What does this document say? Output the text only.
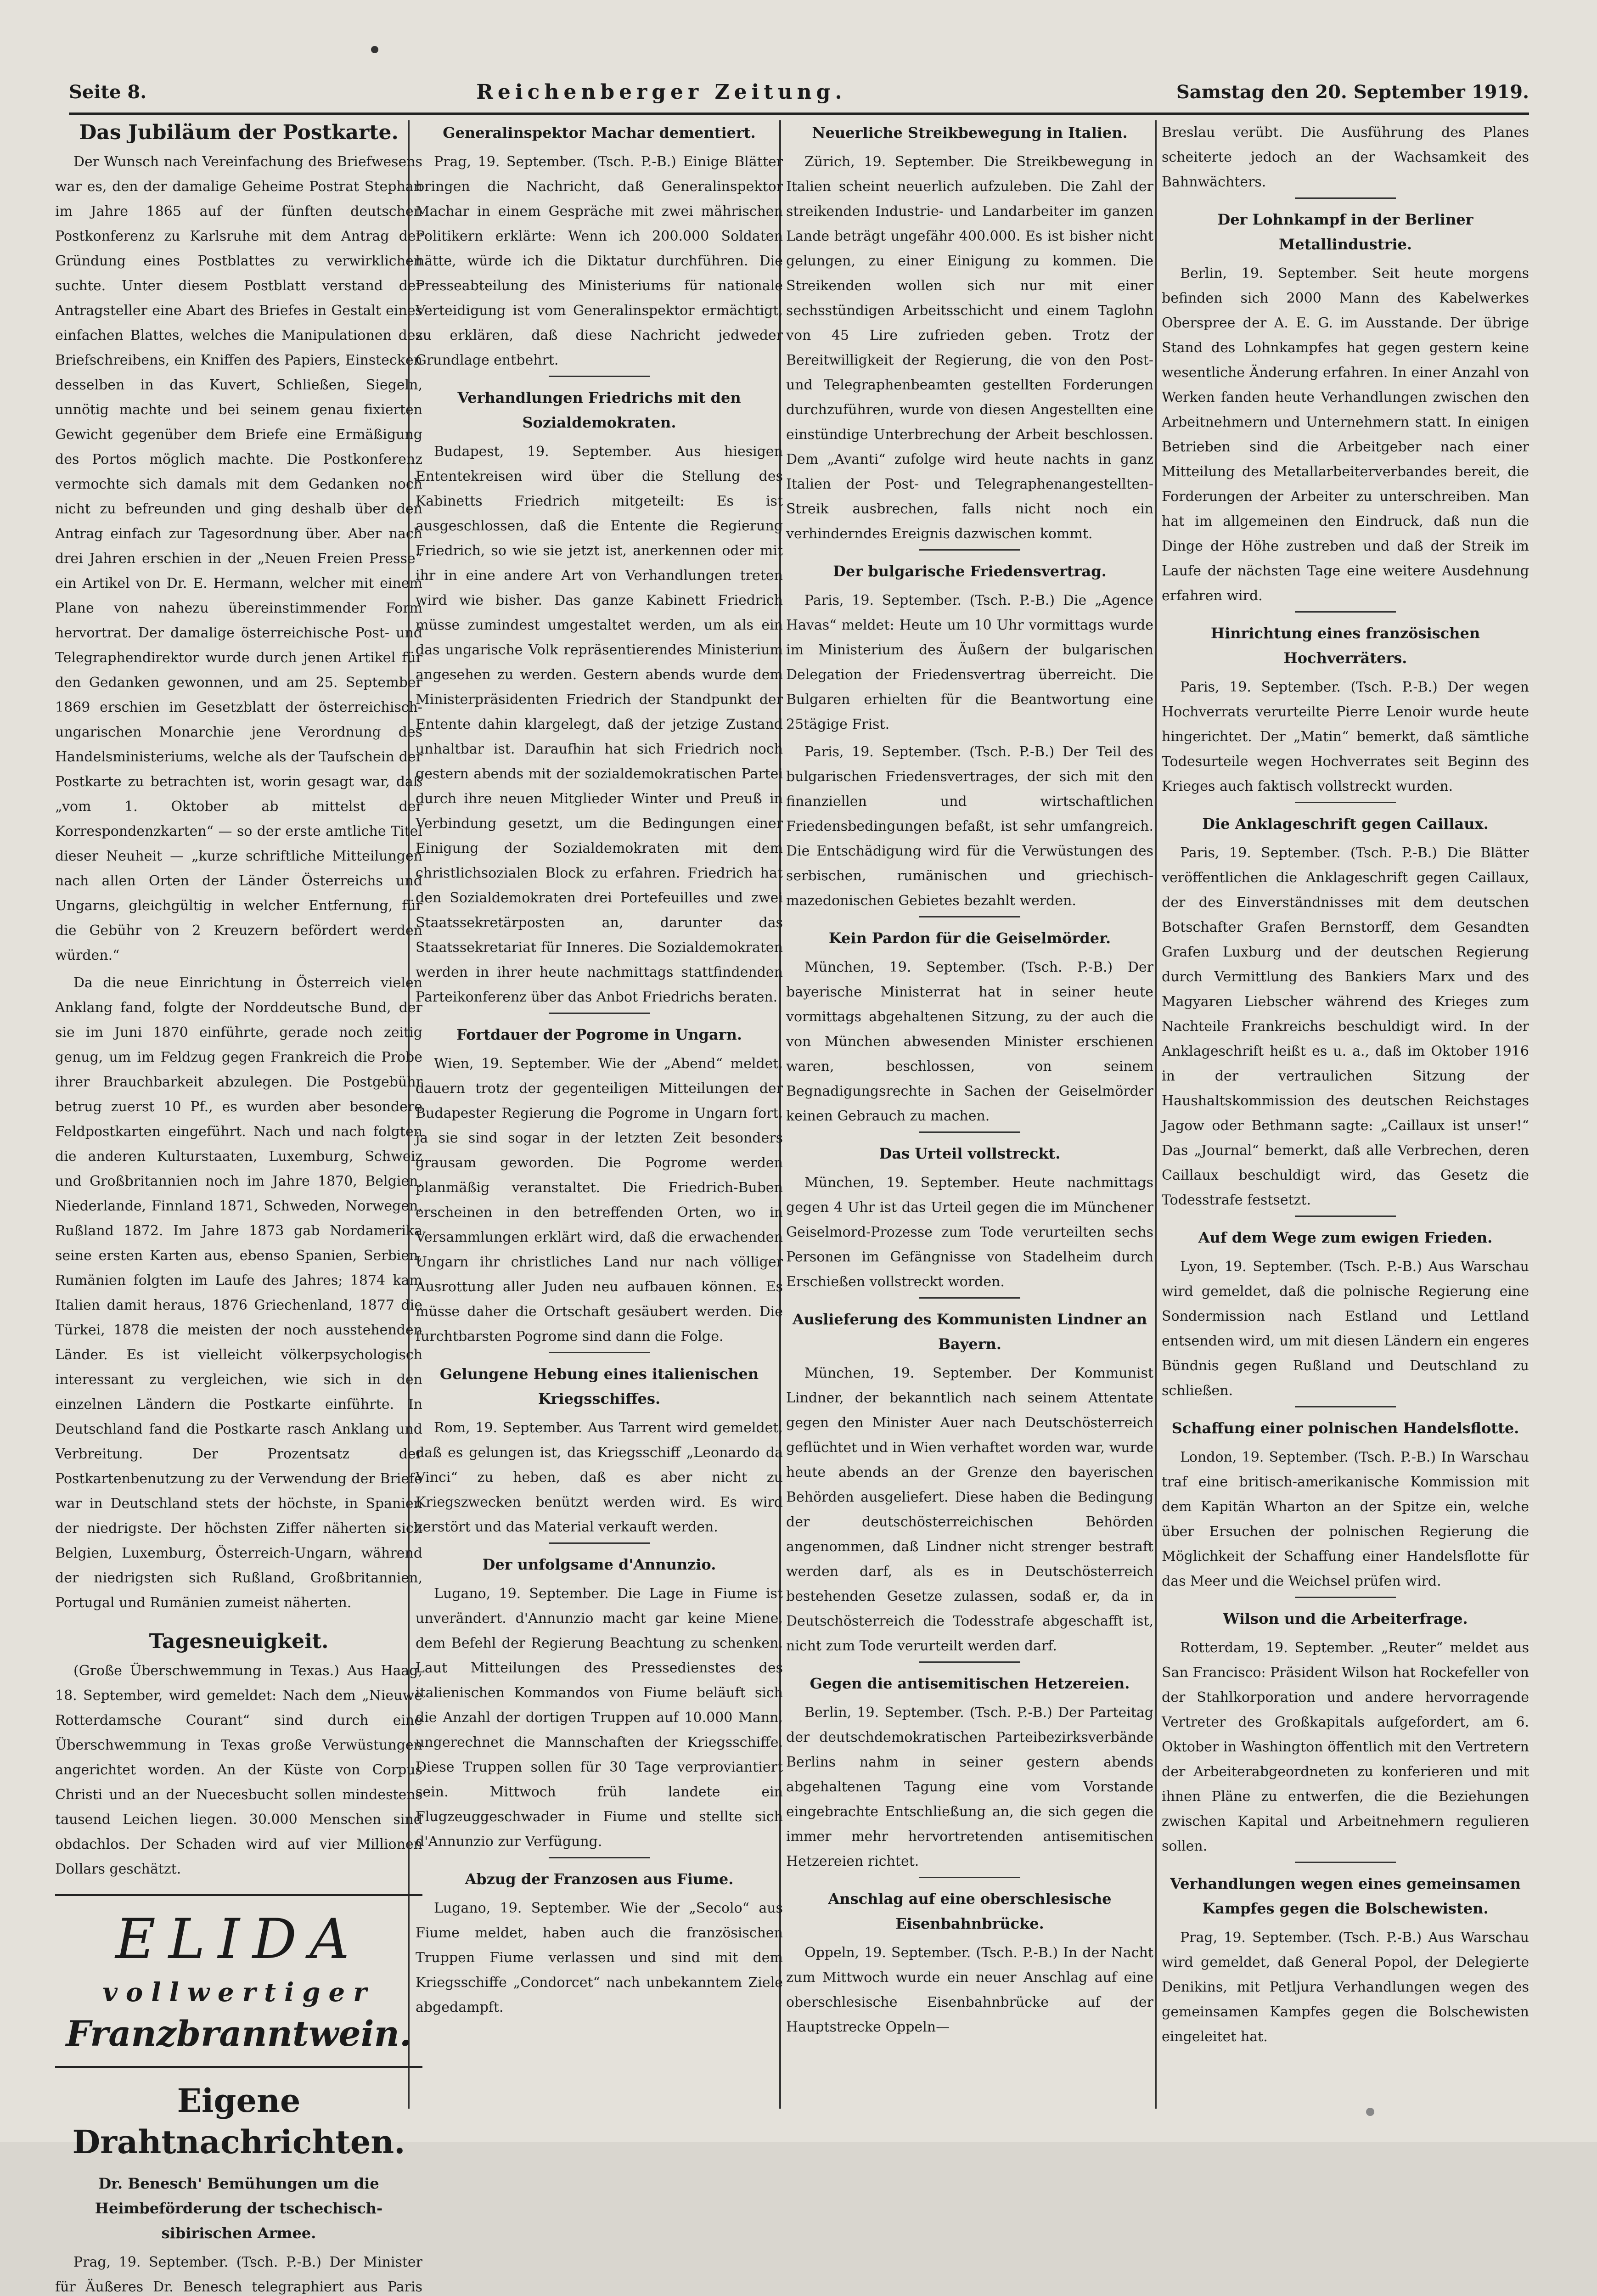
Seite 8.	Reichenberger Zeitung.	Samstag den 20. September 1919.
Das Jubiläum der Postkarte.

Der Wunsch nach Vereinfachung des Briefwesens war es, den der damalige Geheime Postrat Stephan im Jahre 1865 auf der fünften deutschen Postkonferenz zu Karlsruhe mit dem Antrag der Gründung eines Postblattes zu verwirklichen suchte. Unter diesem Postblatt verstand der Antragsteller eine Abart des Briefes in Gestalt eines einfachen Blattes, welches die Manipulationen des Briefschreibens, ein Kniffen des Papiers, Einstecken desselben in das Kuvert, Schließen, Siegeln, unnötig machte und bei seinem genau fixierten Gewicht gegenüber dem Briefe eine Ermäßigung des Portos möglich machte. Die Postkonferenz vermochte sich damals mit dem Gedanken noch nicht zu befreunden und ging deshalb über den Antrag einfach zur Tagesordnung über. Aber nach drei Jahren erschien in der „Neuen Freien Presse“ ein Artikel von Dr. E. Hermann, welcher mit einem Plane von nahezu übereinstimmender Form hervortrat. Der damalige österreichische Post- und Telegraphendirektor wurde durch jenen Artikel für den Gedanken gewonnen, und am 25. September 1869 erschien im Gesetzblatt der österreichisch-ungarischen Monarchie jene Verordnung des Handelsministeriums, welche als der Taufschein der Postkarte zu betrachten ist, worin gesagt war, daß „vom 1. Oktober ab mittelst der Korrespondenzkarten“ — so der erste amtliche Titel dieser Neuheit — „kurze schriftliche Mitteilungen nach allen Orten der Länder Österreichs und Ungarns, gleichgültig in welcher Entfernung, für die Gebühr von 2 Kreuzern befördert werden würden.“

Da die neue Einrichtung in Österreich vielen Anklang fand, folgte der Norddeutsche Bund, der sie im Juni 1870 einführte, gerade noch zeitig genug, um im Feldzug gegen Frankreich die Probe ihrer Brauchbarkeit abzulegen. Die Postgebühr betrug zuerst 10 Pf., es wurden aber besondere Feldpostkarten eingeführt. Nach und nach folgten die anderen Kulturstaaten, Luxemburg, Schweiz und Großbritannien noch im Jahre 1870, Belgien, Niederlande, Finnland 1871, Schweden, Norwegen, Rußland 1872. Im Jahre 1873 gab Nordamerika seine ersten Karten aus, ebenso Spanien, Serbien, Rumänien folgten im Laufe des Jahres; 1874 kam Italien damit heraus, 1876 Griechenland, 1877 die Türkei, 1878 die meisten der noch ausstehenden Länder. Es ist vielleicht völkerpsychologisch interessant zu vergleichen, wie sich in den einzelnen Ländern die Postkarte einführte. In Deutschland fand die Postkarte rasch Anklang und Verbreitung. Der Prozentsatz der Postkartenbenutzung zu der Verwendung der Briefe war in Deutschland stets der höchste, in Spanien der niedrigste. Der höchsten Ziffer näherten sich Belgien, Luxemburg, Österreich-Ungarn, während der niedrigsten sich Rußland, Großbritannien, Portugal und Rumänien zumeist näherten.

Tagesneuigkeit.

(Große Überschwemmung in Texas.) Aus Haag, 18. September, wird gemeldet: Nach dem „Nieuwe Rotterdamsche Courant“ sind durch eine Überschwemmung in Texas große Verwüstungen angerichtet worden. An der Küste von Corpus Christi und an der Nuecesbucht sollen mindestens tausend Leichen liegen. 30.000 Menschen sind obdachlos. Der Schaden wird auf vier Millionen Dollars geschätzt.

ELIDA
vollwertiger
Franzbranntwein.
Eigene Drahtnachrichten.
Dr. Benesch' Bemühungen um die Heimbeförderung der tschechisch-sibirischen Armee.

Prag, 19. September. (Tsch. P.-B.) Der Minister für Äußeres Dr. Benesch telegraphiert aus Paris

Generalinspektor Machar dementiert.

Prag, 19. September. (Tsch. P.-B.) Einige Blätter bringen die Nachricht, daß Generalinspektor Machar in einem Gespräche mit zwei mährischen Politikern erklärte: Wenn ich 200.000 Soldaten hätte, würde ich die Diktatur durchführen. Die Presseabteilung des Ministeriums für nationale Verteidigung ist vom Generalinspektor ermächtigt, zu erklären, daß diese Nachricht jedweder Grundlage entbehrt.

Verhandlungen Friedrichs mit den Sozialdemokraten.

Budapest, 19. September. Aus hiesigen Ententekreisen wird über die Stellung des Kabinetts Friedrich mitgeteilt: Es ist ausgeschlossen, daß die Entente die Regierung Friedrich, so wie sie jetzt ist, anerkennen oder mit ihr in eine andere Art von Verhandlungen treten wird wie bisher. Das ganze Kabinett Friedrich müsse zumindest umgestaltet werden, um als ein das ungarische Volk repräsentierendes Ministerium angesehen zu werden. Gestern abends wurde dem Ministerpräsidenten Friedrich der Standpunkt der Entente dahin klargelegt, daß der jetzige Zustand unhaltbar ist. Daraufhin hat sich Friedrich noch gestern abends mit der sozialdemokratischen Partei durch ihre neuen Mitglieder Winter und Preuß in Verbindung gesetzt, um die Bedingungen einer Einigung der Sozialdemokraten mit dem christlichsozialen Block zu erfahren. Friedrich hat den Sozialdemokraten drei Portefeuilles und zwei Staatssekretärposten an, darunter das Staatssekretariat für Inneres. Die Sozialdemokraten werden in ihrer heute nachmittags stattfindenden Parteikonferenz über das Anbot Friedrichs beraten.

Fortdauer der Pogrome in Ungarn.

Wien, 19. September. Wie der „Abend“ meldet, dauern trotz der gegenteiligen Mitteilungen der Budapester Regierung die Pogrome in Ungarn fort, ja sie sind sogar in der letzten Zeit besonders grausam geworden. Die Pogrome werden planmäßig veranstaltet. Die Friedrich-Buben erscheinen in den betreffenden Orten, wo in Versammlungen erklärt wird, daß die erwachenden Ungarn ihr christliches Land nur nach völliger Ausrottung aller Juden neu aufbauen können. Es müsse daher die Ortschaft gesäubert werden. Die furchtbarsten Pogrome sind dann die Folge.

Gelungene Hebung eines italienischen Kriegsschiffes.

Rom, 19. September. Aus Tarrent wird gemeldet, daß es gelungen ist, das Kriegsschiff „Leonardo da Vinci“ zu heben, daß es aber nicht zu Kriegszwecken benützt werden wird. Es wird zerstört und das Material verkauft werden.

Der unfolgsame d'Annunzio.

Lugano, 19. September. Die Lage in Fiume ist unverändert. d'Annunzio macht gar keine Miene, dem Befehl der Regierung Beachtung zu schenken. Laut Mitteilungen des Pressedienstes des italienischen Kommandos von Fiume beläuft sich die Anzahl der dortigen Truppen auf 10.000 Mann, ungerechnet die Mannschaften der Kriegsschiffe. Diese Truppen sollen für 30 Tage verproviantiert sein. Mittwoch früh landete ein Flugzeuggeschwader in Fiume und stellte sich d'Annunzio zur Verfügung.

Abzug der Franzosen aus Fiume.

Lugano, 19. September. Wie der „Secolo“ aus Fiume meldet, haben auch die französischen Truppen Fiume verlassen und sind mit dem Kriegsschiffe „Condorcet“ nach unbekanntem Ziele abgedampft.

Neuerliche Streikbewegung in Italien.

Zürich, 19. September. Die Streikbewegung in Italien scheint neuerlich aufzuleben. Die Zahl der streikenden Industrie- und Landarbeiter im ganzen Lande beträgt ungefähr 400.000. Es ist bisher nicht gelungen, zu einer Einigung zu kommen. Die Streikenden wollen sich nur mit einer sechsstündigen Arbeitsschicht und einem Taglohn von 45 Lire zufrieden geben. Trotz der Bereitwilligkeit der Regierung, die von den Post- und Telegraphenbeamten gestellten Forderungen durchzuführen, wurde von diesen Angestellten eine einstündige Unterbrechung der Arbeit beschlossen. Dem „Avanti“ zufolge wird heute nachts in ganz Italien der Post- und Telegraphenangestellten-Streik ausbrechen, falls nicht noch ein verhinderndes Ereignis dazwischen kommt.

Der bulgarische Friedensvertrag.

Paris, 19. September. (Tsch. P.-B.) Die „Agence Havas“ meldet: Heute um 10 Uhr vormittags wurde im Ministerium des Äußern der bulgarischen Delegation der Friedensvertrag überreicht. Die Bulgaren erhielten für die Beantwortung eine 25tägige Frist.

Paris, 19. September. (Tsch. P.-B.) Der Teil des bulgarischen Friedensvertrages, der sich mit den finanziellen und wirtschaftlichen Friedensbedingungen befaßt, ist sehr umfangreich. Die Entschädigung wird für die Verwüstungen des serbischen, rumänischen und griechisch-mazedonischen Gebietes bezahlt werden.

Kein Pardon für die Geiselmörder.

München, 19. September. (Tsch. P.-B.) Der bayerische Ministerrat hat in seiner heute vormittags abgehaltenen Sitzung, zu der auch die von München abwesenden Minister erschienen waren, beschlossen, von seinem Begnadigungsrechte in Sachen der Geiselmörder keinen Gebrauch zu machen.

Das Urteil vollstreckt.

München, 19. September. Heute nachmittags gegen 4 Uhr ist das Urteil gegen die im Münchener Geiselmord-Prozesse zum Tode verurteilten sechs Personen im Gefängnisse von Stadelheim durch Erschießen vollstreckt worden.

Auslieferung des Kommunisten Lindner an Bayern.

München, 19. September. Der Kommunist Lindner, der bekanntlich nach seinem Attentate gegen den Minister Auer nach Deutschösterreich geflüchtet und in Wien verhaftet worden war, wurde heute abends an der Grenze den bayerischen Behörden ausgeliefert. Diese haben die Bedingung der deutschösterreichischen Behörden angenommen, daß Lindner nicht strenger bestraft werden darf, als es in Deutschösterreich bestehenden Gesetze zulassen, sodaß er, da in Deutschösterreich die Todesstrafe abgeschafft ist, nicht zum Tode verurteilt werden darf.

Gegen die antisemitischen Hetzereien.

Berlin, 19. September. (Tsch. P.-B.) Der Parteitag der deutschdemokratischen Parteibezirksverbände Berlins nahm in seiner gestern abends abgehaltenen Tagung eine vom Vorstande eingebrachte Entschließung an, die sich gegen die immer mehr hervortretenden antisemitischen Hetzereien richtet.

Anschlag auf eine oberschlesische Eisenbahnbrücke.

Oppeln, 19. September. (Tsch. P.-B.) In der Nacht zum Mittwoch wurde ein neuer Anschlag auf eine oberschlesische Eisenbahnbrücke auf der Hauptstrecke Oppeln—

Breslau verübt. Die Ausführung des Planes scheiterte jedoch an der Wachsamkeit des Bahnwächters.

Der Lohnkampf in der Berliner Metallindustrie.

Berlin, 19. September. Seit heute morgens befinden sich 2000 Mann des Kabelwerkes Oberspree der A. E. G. im Ausstande. Der übrige Stand des Lohnkampfes hat gegen gestern keine wesentliche Änderung erfahren. In einer Anzahl von Werken fanden heute Verhandlungen zwischen den Arbeitnehmern und Unternehmern statt. In einigen Betrieben sind die Arbeitgeber nach einer Mitteilung des Metallarbeiterverbandes bereit, die Forderungen der Arbeiter zu unterschreiben. Man hat im allgemeinen den Eindruck, daß nun die Dinge der Höhe zustreben und daß der Streik im Laufe der nächsten Tage eine weitere Ausdehnung erfahren wird.

Hinrichtung eines französischen Hochverräters.

Paris, 19. September. (Tsch. P.-B.) Der wegen Hochverrats verurteilte Pierre Lenoir wurde heute hingerichtet. Der „Matin“ bemerkt, daß sämtliche Todesurteile wegen Hochverrates seit Beginn des Krieges auch faktisch vollstreckt wurden.

Die Anklageschrift gegen Caillaux.

Paris, 19. September. (Tsch. P.-B.) Die Blätter veröffentlichen die Anklageschrift gegen Caillaux, der des Einverständnisses mit dem deutschen Botschafter Grafen Bernstorff, dem Gesandten Grafen Luxburg und der deutschen Regierung durch Vermittlung des Bankiers Marx und des Magyaren Liebscher während des Krieges zum Nachteile Frankreichs beschuldigt wird. In der Anklageschrift heißt es u. a., daß im Oktober 1916 in der vertraulichen Sitzung der Haushaltskommission des deutschen Reichstages Jagow oder Bethmann sagte: „Caillaux ist unser!“ Das „Journal“ bemerkt, daß alle Verbrechen, deren Caillaux beschuldigt wird, das Gesetz die Todesstrafe festsetzt.

Auf dem Wege zum ewigen Frieden.

Lyon, 19. September. (Tsch. P.-B.) Aus Warschau wird gemeldet, daß die polnische Regierung eine Sondermission nach Estland und Lettland entsenden wird, um mit diesen Ländern ein engeres Bündnis gegen Rußland und Deutschland zu schließen.

Schaffung einer polnischen Handelsflotte.

London, 19. September. (Tsch. P.-B.) In Warschau traf eine britisch-amerikanische Kommission mit dem Kapitän Wharton an der Spitze ein, welche über Ersuchen der polnischen Regierung die Möglichkeit der Schaffung einer Handelsflotte für das Meer und die Weichsel prüfen wird.

Wilson und die Arbeiterfrage.

Rotterdam, 19. September. „Reuter“ meldet aus San Francisco: Präsident Wilson hat Rockefeller von der Stahlkorporation und andere hervorragende Vertreter des Großkapitals aufgefordert, am 6. Oktober in Washington öffentlich mit den Vertretern der Arbeiterabgeordneten zu konferieren und mit ihnen Pläne zu entwerfen, die die Beziehungen zwischen Kapital und Arbeitnehmern regulieren sollen.

Verhandlungen wegen eines gemeinsamen Kampfes gegen die Bolschewisten.

Prag, 19. September. (Tsch. P.-B.) Aus Warschau wird gemeldet, daß General Popol, der Delegierte Denikins, mit Petljura Verhandlungen wegen des gemeinsamen Kampfes gegen die Bolschewisten eingeleitet hat.
